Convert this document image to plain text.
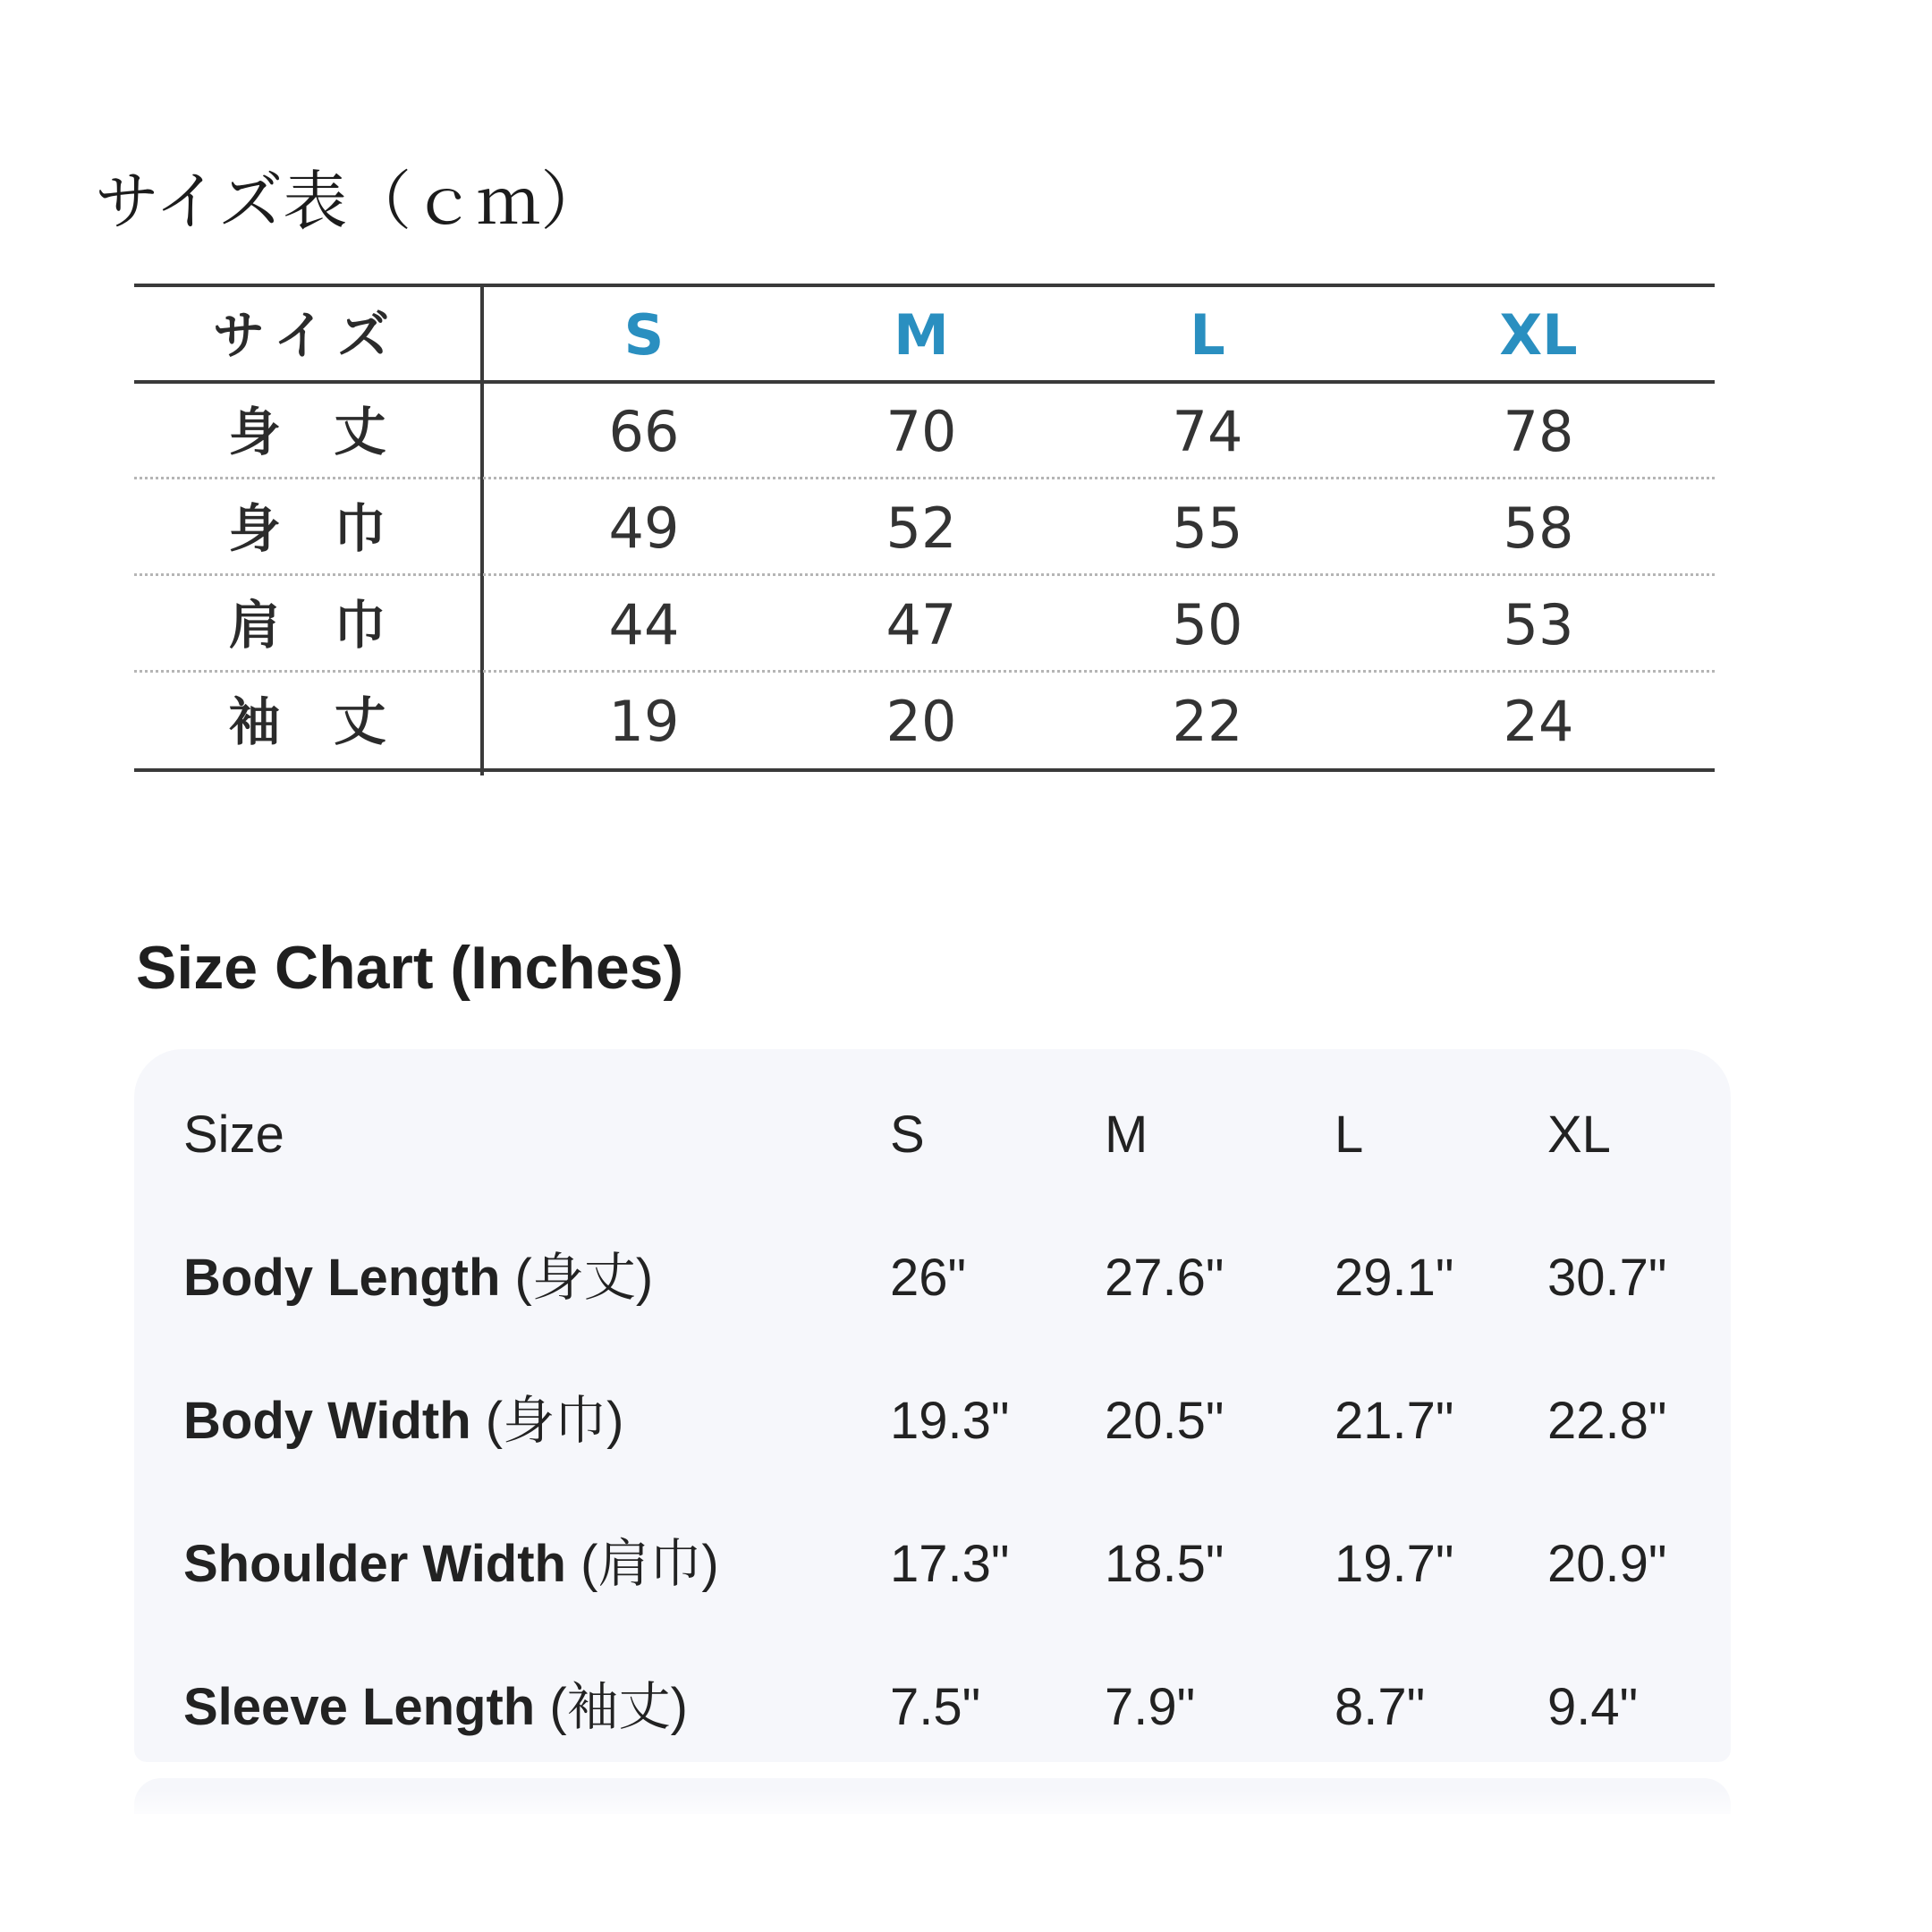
サイズ表（ｃｍ）
サイズ	S	M	L	XL
身丈	66	70	74	78
身巾	49	52	55	58
肩巾	44	47	50	53
袖丈	19	20	22	24
Size Chart (Inches)
Size	S	M	L	XL
Body Length (身丈)	26"	27.6" 29.1" 30.7"
Body Width (身巾)	19.3" 20.5" 21.7" 22.8"
Shoulder Width (肩巾)	17.3" 18.5" 19.7" 20.9"
Sleeve Length (袖丈)	7.5" 7.9"	8.7" 9.4"
